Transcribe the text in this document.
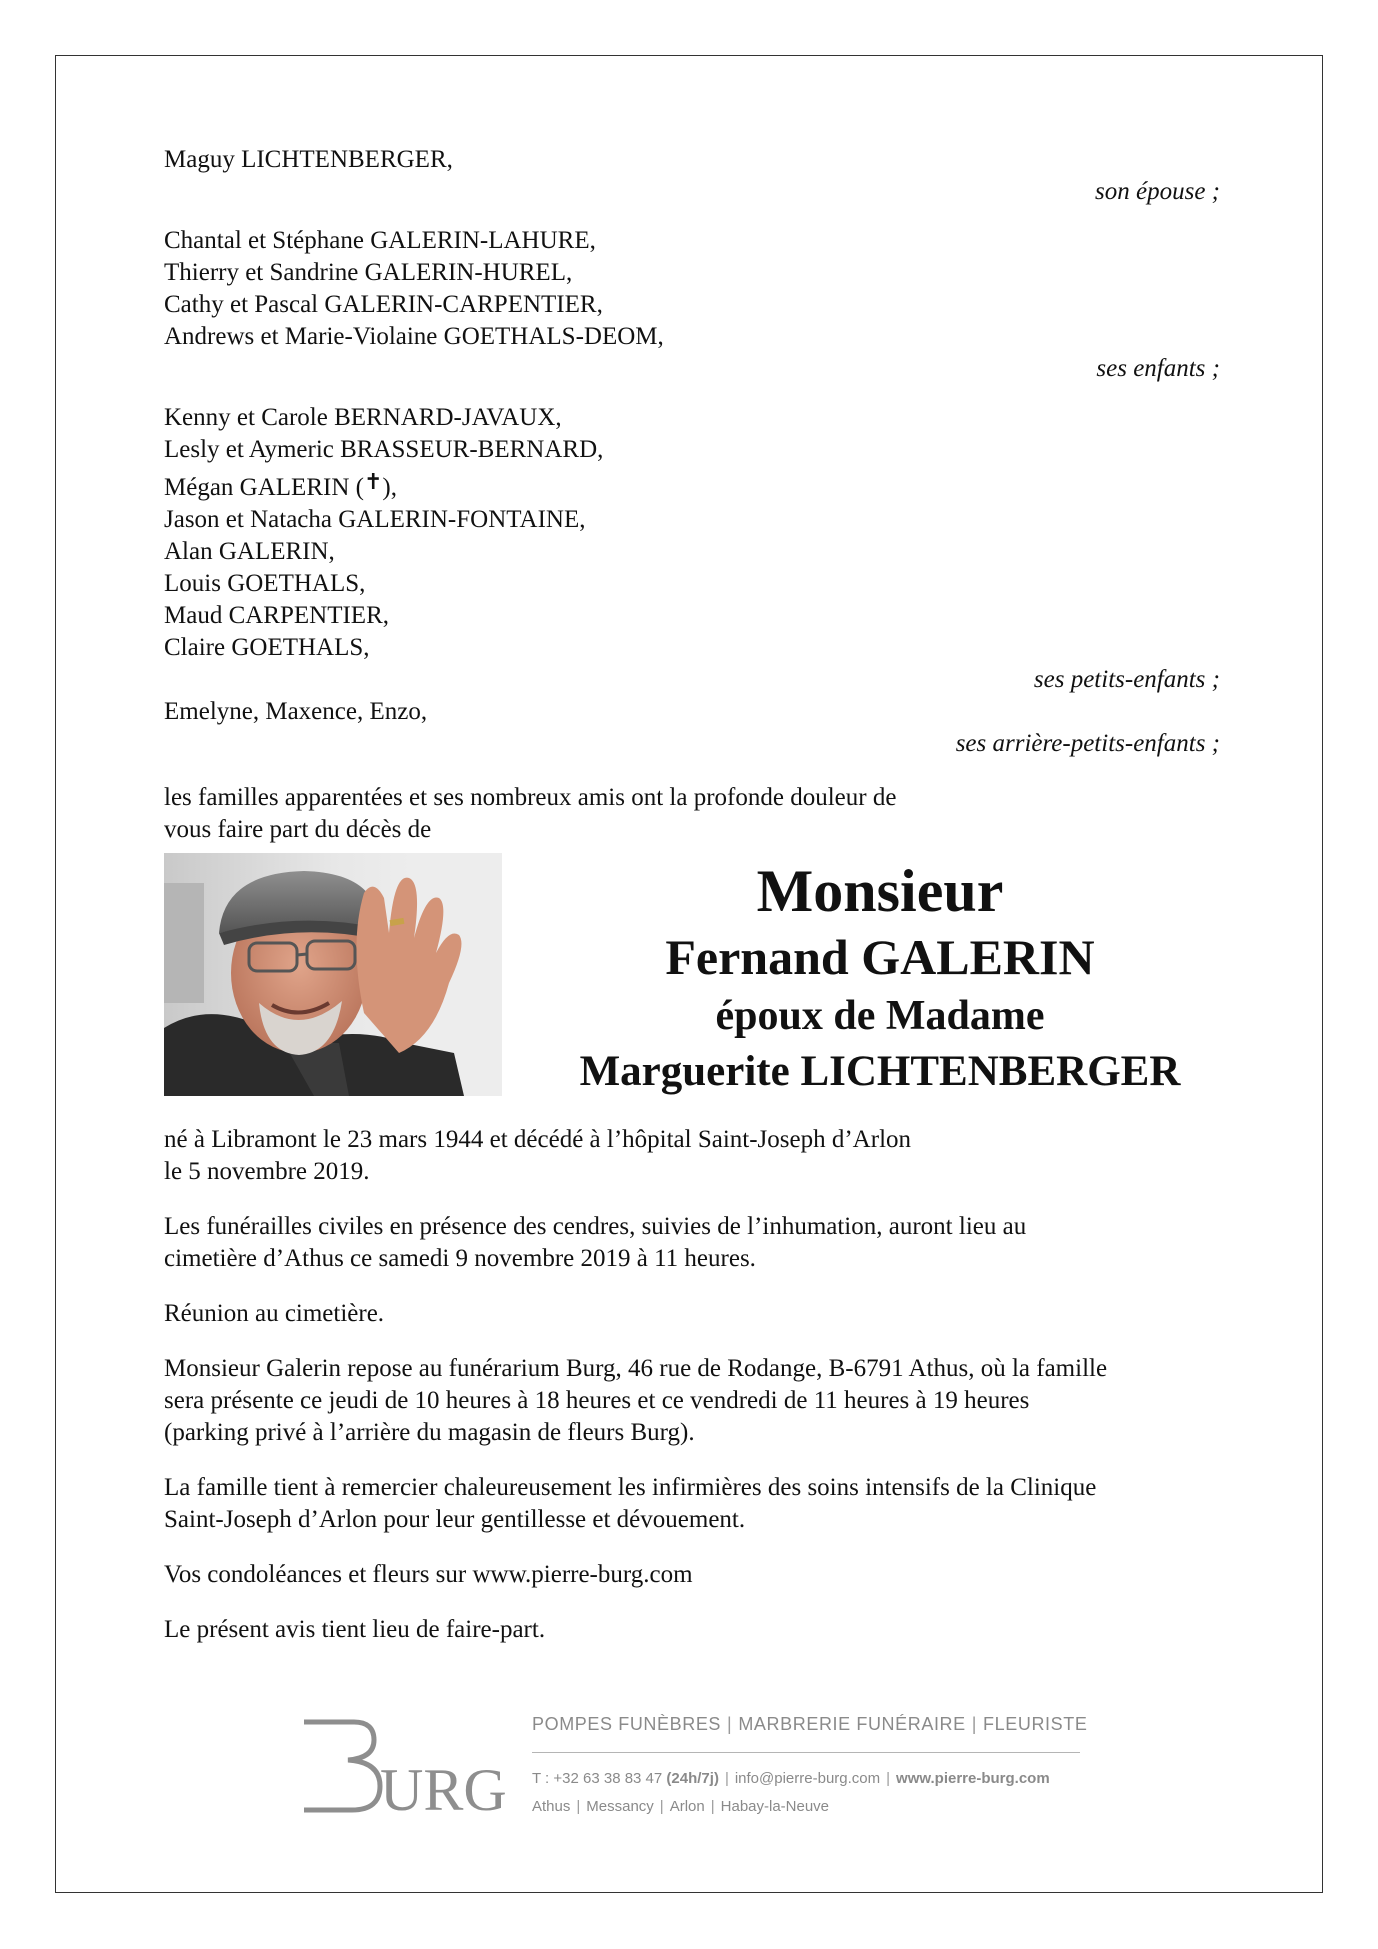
Maguy LICHTENBERGER,
son épouse ;
Chantal et Stéphane GALERIN-LAHURE,
Thierry et Sandrine GALERIN-HUREL,
Cathy et Pascal GALERIN-CARPENTIER,
Andrews et Marie-Violaine GOETHALS-DEOM,
ses enfants ;
Kenny et Carole BERNARD-JAVAUX,
Lesly et Aymeric BRASSEUR-BERNARD,
Mégan GALERIN (✝),
Jason et Natacha GALERIN-FONTAINE,
Alan GALERIN,
Louis GOETHALS,
Maud CARPENTIER,
Claire GOETHALS,
ses petits-enfants ;
Emelyne, Maxence, Enzo,
ses arrière-petits-enfants ;
les familles apparentées et ses nombreux amis ont la profonde douleur de
vous faire part du décès de
Monsieur
Fernand GALERIN
époux de Madame
Marguerite LICHTENBERGER
né à Libramont le 23 mars 1944 et décédé à l’hôpital Saint-Joseph d’Arlon
le 5 novembre 2019.
Les funérailles civiles en présence des cendres, suivies de l’inhumation, auront lieu au
cimetière d’Athus ce samedi 9 novembre 2019 à 11 heures.
Réunion au cimetière.
Monsieur Galerin repose au funérarium Burg, 46 rue de Rodange, B-6791 Athus, où la famille
sera présente ce jeudi de 10 heures à 18 heures et ce vendredi de 11 heures à 19 heures
(parking privé à l’arrière du magasin de fleurs Burg).
La famille tient à remercier chaleureusement les infirmières des soins intensifs de la Clinique
Saint-Joseph d’Arlon pour leur gentillesse et dévouement.
Vos condoléances et fleurs sur www.pierre-burg.com
Le présent avis tient lieu de faire-part.
URG
POMPES FUNÈBRES | MARBRERIE FUNÉRAIRE | FLEURISTE
T : +32 63 38 83 47 (24h/7j) | info@pierre-burg.com | www.pierre-burg.com
Athus | Messancy | Arlon | Habay-la-Neuve
